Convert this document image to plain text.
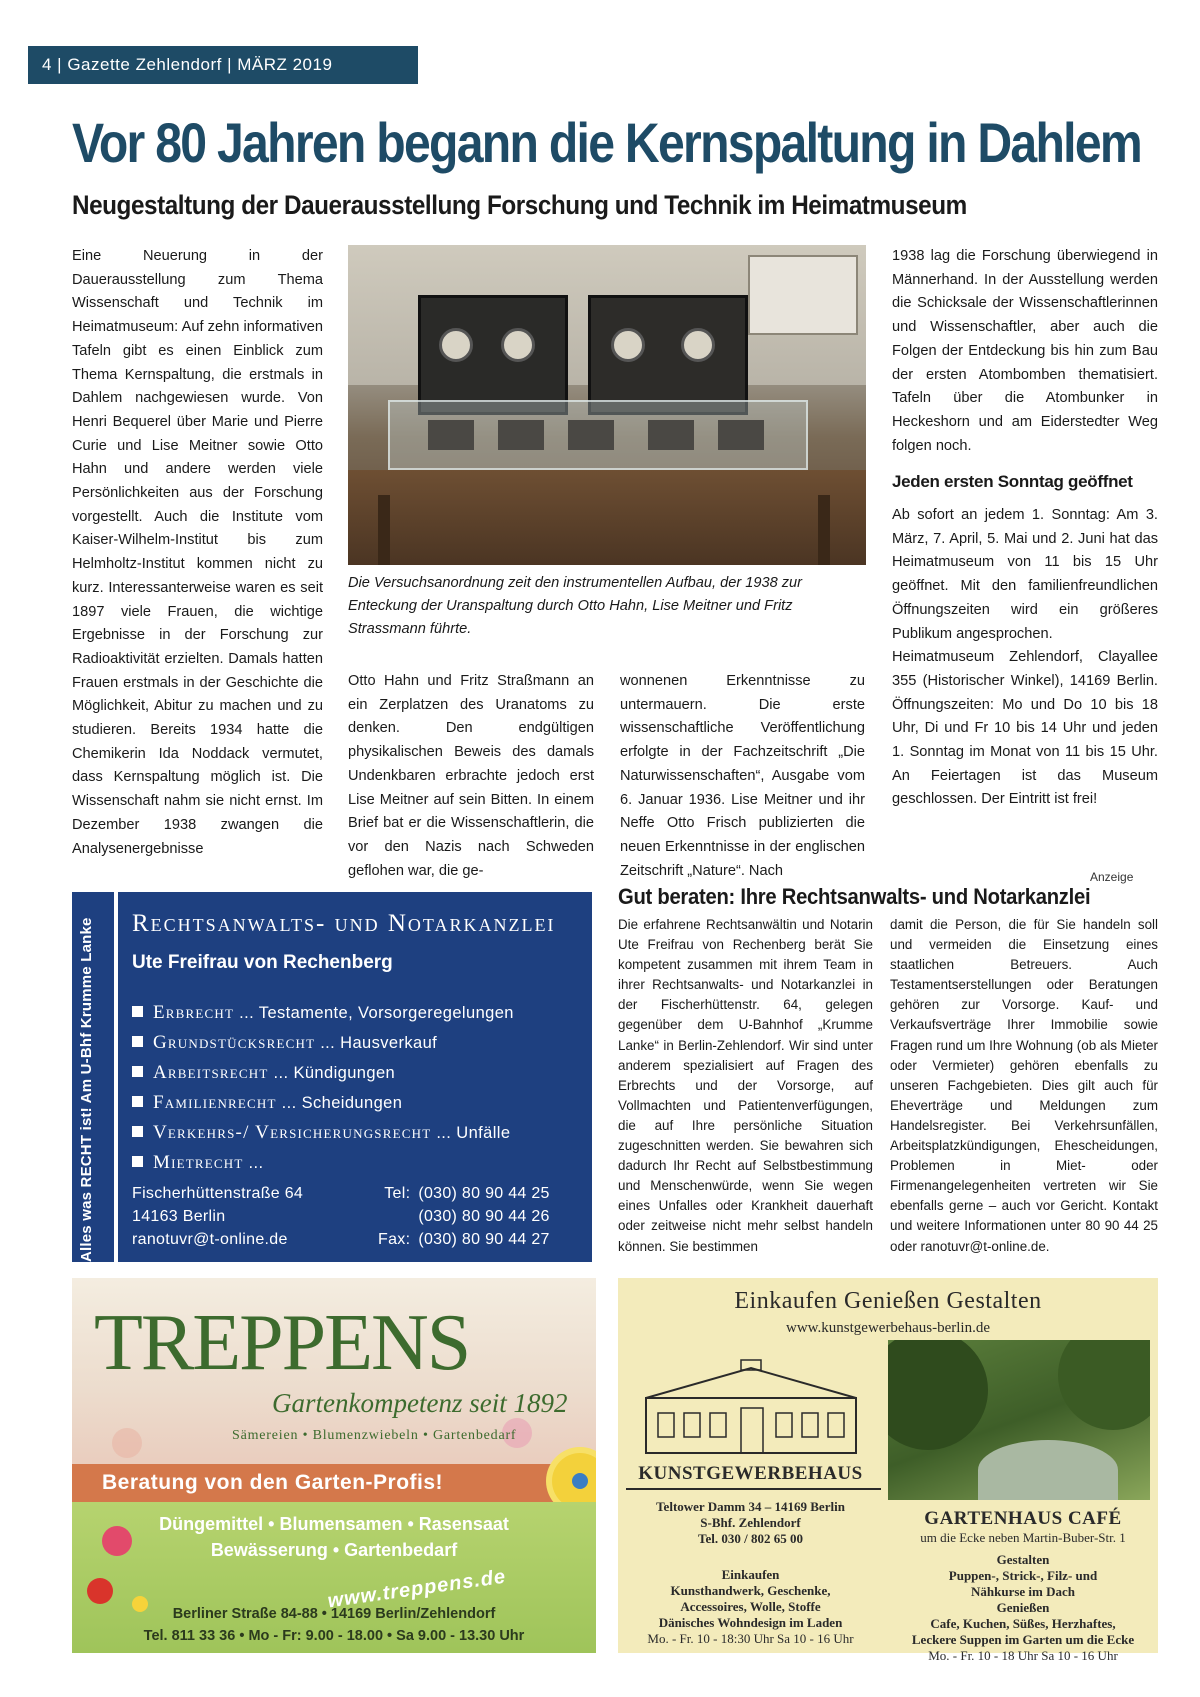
4 | Gazette Zehlendorf | MÄRZ 2019
Vor 80 Jahren begann die Kernspaltung in Dahlem
Neugestaltung der Dauerausstellung Forschung und Technik im Heimatmuseum
Eine Neuerung in der Dauerausstellung zum Thema Wissenschaft und Technik im Heimatmuseum: Auf zehn informativen Tafeln gibt es einen Einblick zum Thema Kernspaltung, die erstmals in Dahlem nachgewiesen wurde. Von Henri Bequerel über Marie und Pierre Curie und Lise Meitner sowie Otto Hahn und andere werden viele Persönlichkeiten aus der Forschung vorgestellt. Auch die Institute vom Kaiser-Wilhelm-Institut bis zum Helmholtz-Institut kommen nicht zu kurz. Interessanterweise waren es seit 1897 viele Frauen, die wichtige Ergebnisse in der Forschung zur Radioaktivität erzielten. Damals hatten Frauen erstmals in der Geschichte die Möglichkeit, Abitur zu machen und zu studieren. Bereits 1934 hatte die Chemikerin Ida Noddack vermutet, dass Kernspaltung möglich ist. Die Wissenschaft nahm sie nicht ernst. Im Dezember 1938 zwangen die Analysenergebnisse
Die Versuchsanordnung zeit den instrumentellen Aufbau, der 1938 zur Enteckung der Uranspaltung durch Otto Hahn, Lise Meitner und Fritz Strassmann führte.
Otto Hahn und Fritz Straßmann an ein Zerplatzen des Uranatoms zu denken. Den endgültigen physikalischen Beweis des damals Undenkbaren erbrachte jedoch erst Lise Meitner auf sein Bitten. In einem Brief bat er die Wissenschaftlerin, die vor den Nazis nach Schweden geflohen war, die ge-
wonnenen Erkenntnisse zu untermauern. Die erste wissenschaftliche Veröffentlichung erfolgte in der Fachzeitschrift „Die Naturwissenschaften“, Ausgabe vom 6. Januar 1936. Lise Meitner und ihr Neffe Otto Frisch publizierten die neuen Erkenntnisse in der englischen Zeitschrift „Nature“. Nach

1938 lag die Forschung überwiegend in Männerhand. In der Ausstellung werden die Schicksale der Wissenschaftlerinnen und Wissenschaftler, aber auch die Folgen der Entdeckung bis hin zum Bau der ersten Atombomben thematisiert. Tafeln über die Atombunker in Heckeshorn und am Eiderstedter Weg folgen noch.

Jeden ersten Sonntag geöffnet

Ab sofort an jedem 1. Sonntag: Am 3. März, 7. April, 5. Mai und 2. Juni hat das Heimatmuseum von 11 bis 15 Uhr geöffnet. Mit den familienfreundlichen Öffnungszeiten wird ein größeres Publikum angesprochen.

Heimatmuseum Zehlendorf, Clayallee 355 (Historischer Winkel), 14169 Berlin. Öffnungszeiten: Mo und Do 10 bis 18 Uhr, Di und Fr 10 bis 14 Uhr und jeden 1. Sonntag im Monat von 11 bis 15 Uhr. An Feiertagen ist das Museum geschlossen. Der Eintritt ist frei!

Anzeige
Alles was RECHT ist! Am U-Bhf Krumme Lanke	Rechtsanwalts- und Notarkanzlei
Ute Freifrau von Rechenberg
Erbrecht ... Testamente, Vorsorgeregelungen
Grundstücksrecht ... Hausverkauf
Arbeitsrecht ... Kündigungen
Familienrecht ... Scheidungen
Verkehrs-/ Versicherungsrecht ... Unfälle
Mietrecht ...
Fischerhüttenstraße 64
14163 Berlin
ranotuvr@t-online.de
Tel: (030) 80 90 44 25
(030) 80 90 44 26
Fax: (030) 80 90 44 27
Gut beraten: Ihre Rechtsanwalts- und Notarkanzlei
Die erfahrene Rechtsanwältin und Notarin Ute Freifrau von Rechenberg berät Sie kompetent zusammen mit ihrem Team in ihrer Rechtsanwalts- und Notarkanzlei in der Fischerhüttenstr. 64, gelegen gegenüber dem U-Bahnhof „Krumme Lanke“ in Berlin-Zehlendorf. Wir sind unter anderem spezialisiert auf Fragen des Erbrechts und der Vorsorge, auf Vollmachten und Patientenverfügungen, die auf Ihre persönliche Situation zugeschnitten werden. Sie bewahren sich dadurch Ihr Recht auf Selbstbestimmung und Menschenwürde, wenn Sie wegen eines Unfalles oder Krankheit dauerhaft oder zeitweise nicht mehr selbst handeln können. Sie bestimmen
damit die Person, die für Sie handeln soll und vermeiden die Einsetzung eines staatlichen Betreuers. Auch Testamentserstellungen oder Beratungen gehören zur Vorsorge. Kauf- und Verkaufsverträge Ihrer Immobilie sowie Fragen rund um Ihre Wohnung (ob als Mieter oder Vermieter) gehören ebenfalls zu unseren Fachgebieten. Dies gilt auch für Eheverträge und Meldungen zum Handelsregister. Bei Verkehrsunfällen, Arbeitsplatzkündigungen, Ehescheidungen, Problemen in Miet- oder Firmenangelegenheiten vertreten wir Sie ebenfalls gerne – auch vor Gericht. Kontakt und weitere Informationen unter 80 90 44 25 oder ranotuvr@t-online.de.
TREPPENS
Gartenkompetenz seit 1892
Sämereien • Blumenzwiebeln • Gartenbedarf
Beratung von den Garten-Profis!
Düngemittel • Blumensamen • Rasensaat
Bewässerung • Gartenbedarf
www.treppens.de
Berliner Straße 84-88 • 14169 Berlin/Zehlendorf
Tel. 811 33 36 • Mo - Fr: 9.00 - 18.00 • Sa 9.00 - 13.30 Uhr
Einkaufen Genießen Gestalten
www.kunstgewerbehaus-berlin.de
KUNSTGEWERBEHAUS
Teltower Damm 34 – 14169 Berlin
S-Bhf. Zehlendorf
Tel. 030 / 802 65 00
Einkaufen
Kunsthandwerk, Geschenke,
Accessoires, Wolle, Stoffe
Dänisches Wohndesign im Laden
Mo. - Fr. 10 - 18:30 Uhr Sa 10 - 16 Uhr
GARTENHAUS CAFÉ
um die Ecke neben Martin-Buber-Str. 1
Gestalten
Puppen-, Strick-, Filz- und
Nähkurse im Dach
Genießen
Cafe, Kuchen, Süßes, Herzhaftes,
Leckere Suppen im Garten um die Ecke
Mo. - Fr. 10 - 18 Uhr Sa 10 - 16 Uhr
